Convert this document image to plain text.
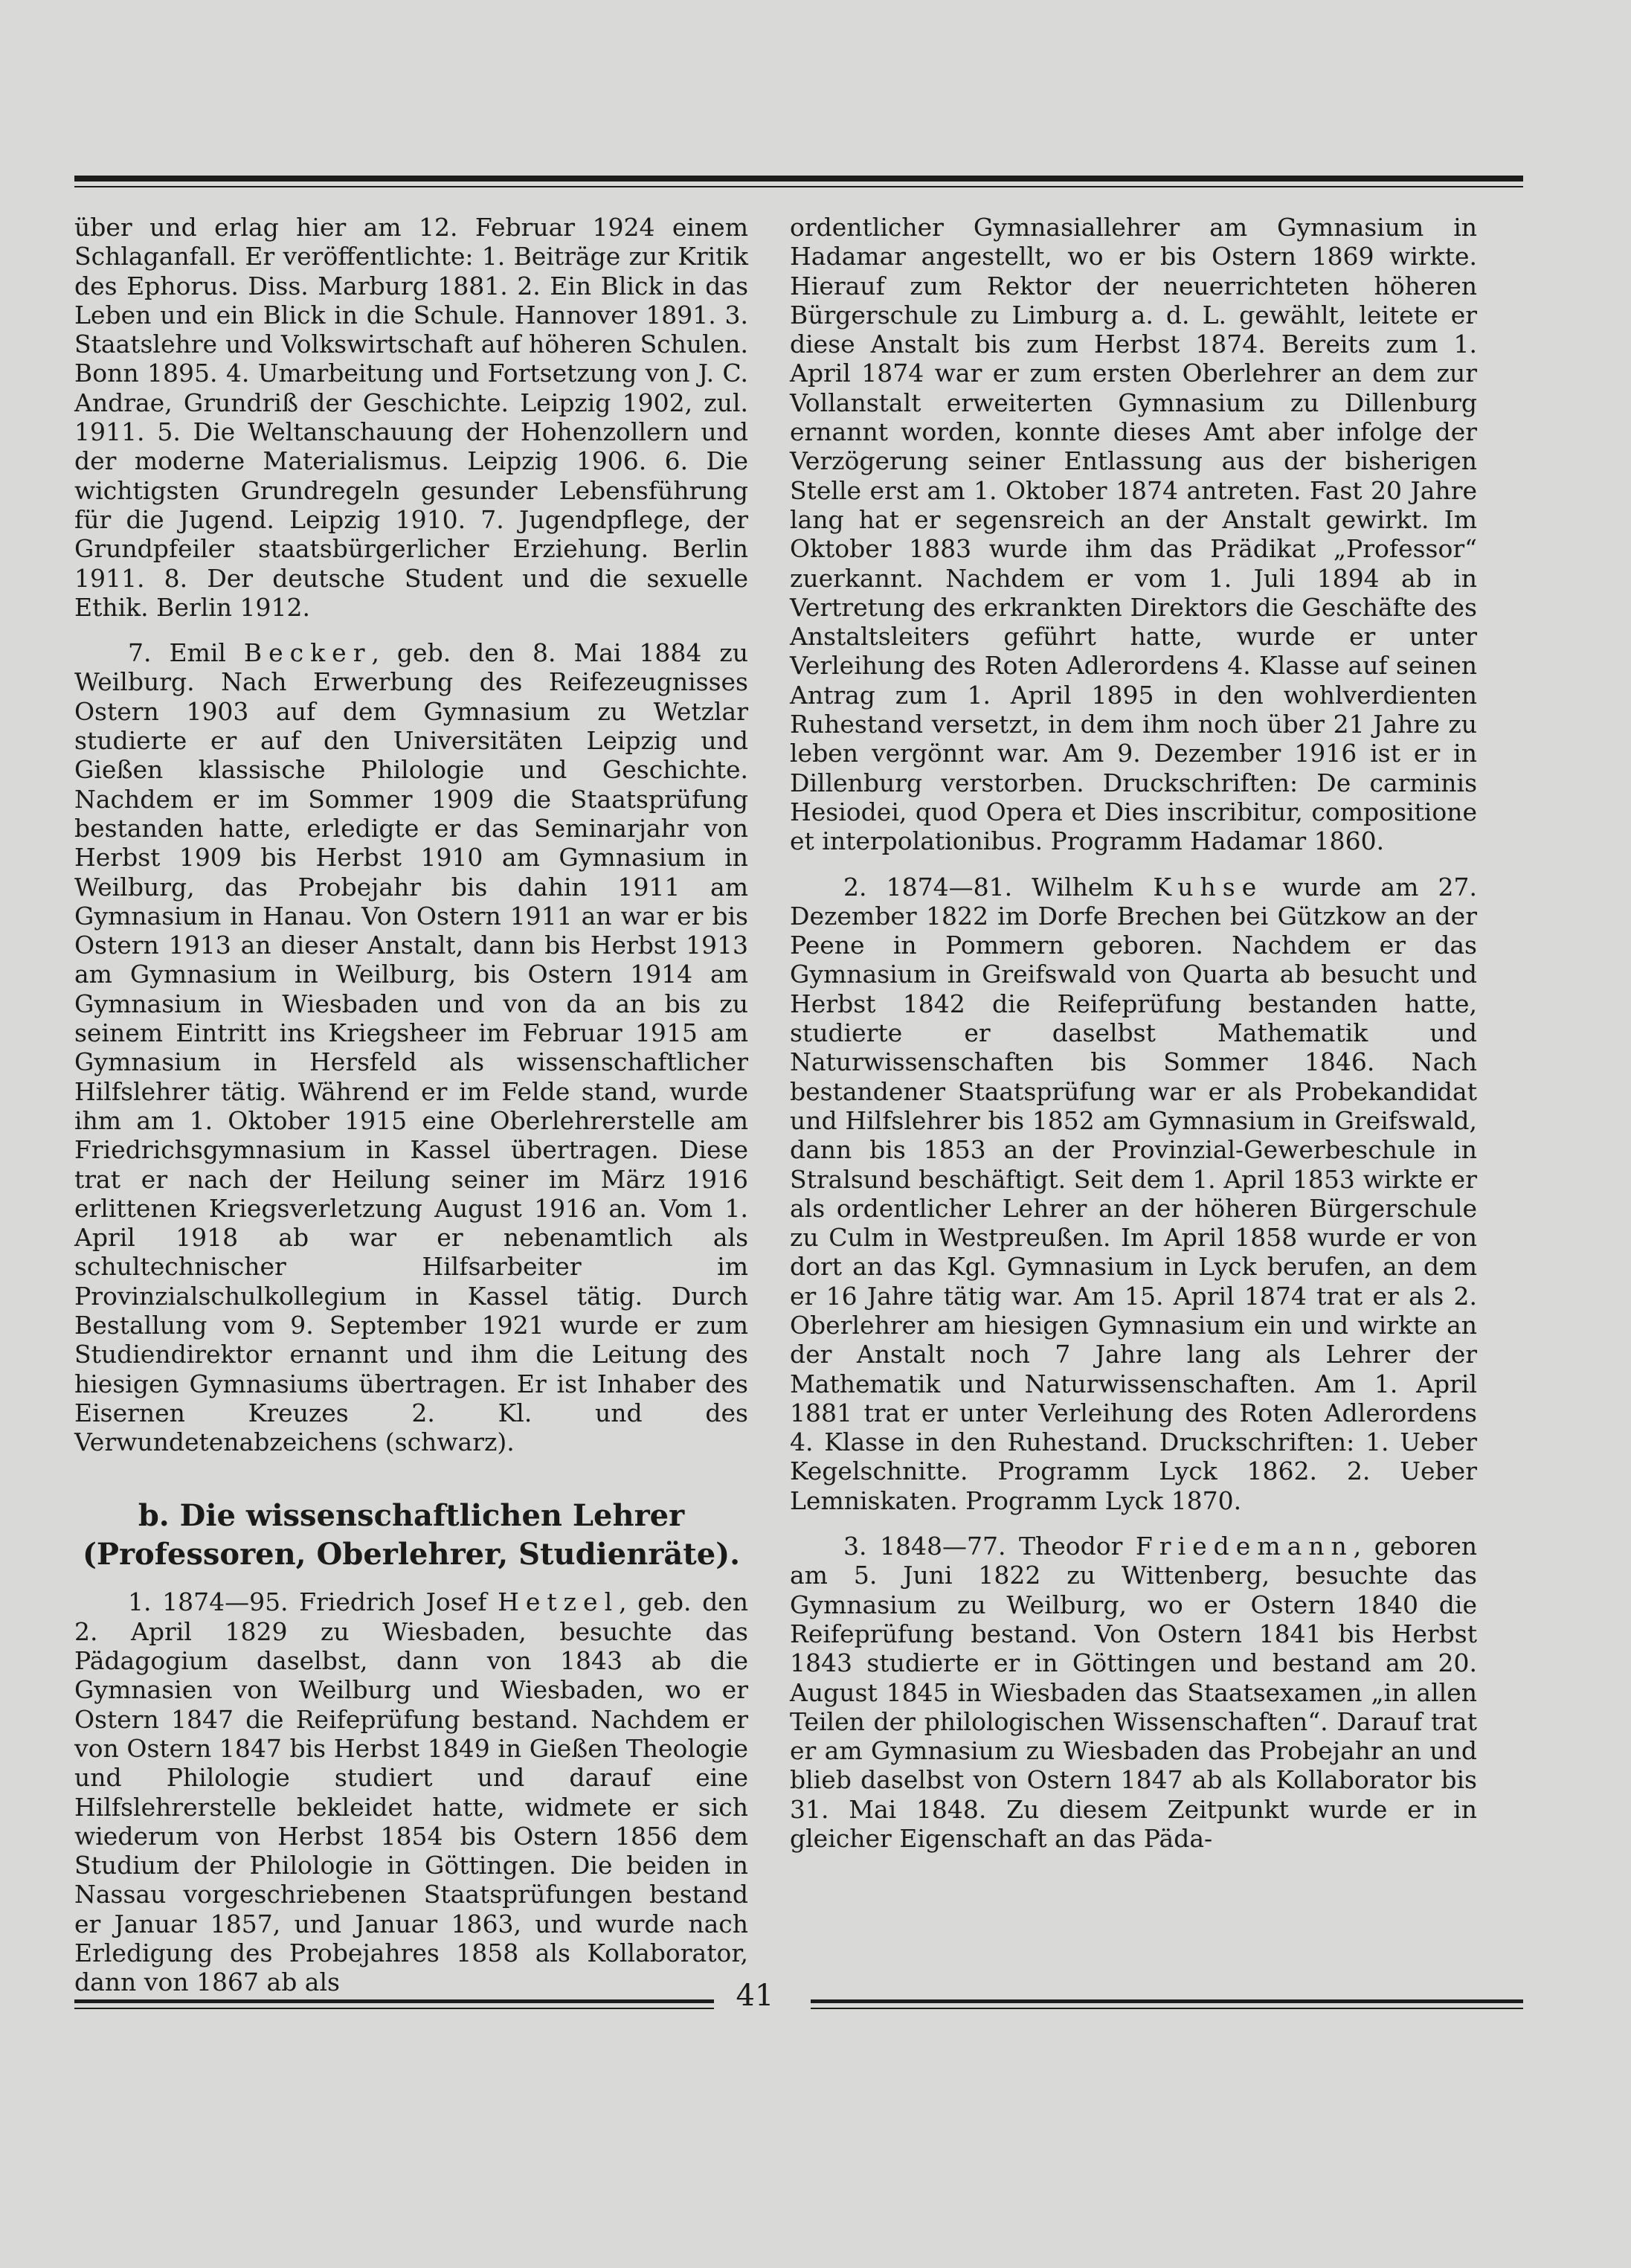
über und erlag hier am 12. Februar 1924 einem Schlaganfall. Er veröffentlichte: 1. Beiträge zur Kritik des Ephorus. Diss. Marburg 1881. 2. Ein Blick in das Leben und ein Blick in die Schule. Hannover 1891. 3. Staatslehre und Volkswirtschaft auf höheren Schulen. Bonn 1895. 4. Umarbeitung und Fortsetzung von J. C. Andrae, Grundriß der Geschichte. Leipzig 1902, zul. 1911. 5. Die Weltanschauung der Hohenzollern und der moderne Materialismus. Leipzig 1906. 6. Die wichtigsten Grundregeln gesunder Lebensführung für die Jugend. Leipzig 1910. 7. Jugendpflege, der Grundpfeiler staatsbürgerlicher Erziehung. Berlin 1911. 8. Der deutsche Student und die sexuelle Ethik. Berlin 1912.

7. Emil Becker, geb. den 8. Mai 1884 zu Weilburg. Nach Erwerbung des Reifezeugnisses Ostern 1903 auf dem Gymnasium zu Wetzlar studierte er auf den Universitäten Leipzig und Gießen klassische Philologie und Geschichte. Nachdem er im Sommer 1909 die Staatsprüfung bestanden hatte, erledigte er das Seminarjahr von Herbst 1909 bis Herbst 1910 am Gymnasium in Weilburg, das Probejahr bis dahin 1911 am Gymnasium in Hanau. Von Ostern 1911 an war er bis Ostern 1913 an dieser Anstalt, dann bis Herbst 1913 am Gymnasium in Weilburg, bis Ostern 1914 am Gymnasium in Wiesbaden und von da an bis zu seinem Eintritt ins Kriegsheer im Februar 1915 am Gymnasium in Hersfeld als wissenschaftlicher Hilfslehrer tätig. Während er im Felde stand, wurde ihm am 1. Oktober 1915 eine Oberlehrerstelle am Friedrichsgymnasium in Kassel übertragen. Diese trat er nach der Heilung seiner im März 1916 erlittenen Kriegsverletzung August 1916 an. Vom 1. April 1918 ab war er nebenamtlich als schultechnischer Hilfsarbeiter im Provinzialschulkollegium in Kassel tätig. Durch Bestallung vom 9. September 1921 wurde er zum Studiendirektor ernannt und ihm die Leitung des hiesigen Gymnasiums übertragen. Er ist Inhaber des Eisernen Kreuzes 2. Kl. und des Verwundetenabzeichens (schwarz).

b. Die wissenschaftlichen Lehrer
(Professoren, Oberlehrer, Studienräte).

1. 1874—95. Friedrich Josef Hetzel, geb. den 2. April 1829 zu Wiesbaden, besuchte das Pädagogium daselbst, dann von 1843 ab die Gymnasien von Weilburg und Wiesbaden, wo er Ostern 1847 die Reifeprüfung bestand. Nachdem er von Ostern 1847 bis Herbst 1849 in Gießen Theologie und Philologie studiert und darauf eine Hilfslehrerstelle bekleidet hatte, widmete er sich wiederum von Herbst 1854 bis Ostern 1856 dem Studium der Philologie in Göttingen. Die beiden in Nassau vorgeschriebenen Staatsprüfungen bestand er Januar 1857, und Januar 1863, und wurde nach Erledigung des Probejahres 1858 als Kollaborator, dann von 1867 ab als

ordentlicher Gymnasiallehrer am Gymnasium in Hadamar angestellt, wo er bis Ostern 1869 wirkte. Hierauf zum Rektor der neuerrichteten höheren Bürgerschule zu Limburg a. d. L. gewählt, leitete er diese Anstalt bis zum Herbst 1874. Bereits zum 1. April 1874 war er zum ersten Oberlehrer an dem zur Vollanstalt erweiterten Gymnasium zu Dillenburg ernannt worden, konnte dieses Amt aber infolge der Verzögerung seiner Entlassung aus der bisherigen Stelle erst am 1. Oktober 1874 antreten. Fast 20 Jahre lang hat er segensreich an der Anstalt gewirkt. Im Oktober 1883 wurde ihm das Prädikat „Professor“ zuerkannt. Nachdem er vom 1. Juli 1894 ab in Vertretung des erkrankten Direktors die Geschäfte des Anstaltsleiters geführt hatte, wurde er unter Verleihung des Roten Adlerordens 4. Klasse auf seinen Antrag zum 1. April 1895 in den wohlverdienten Ruhestand versetzt, in dem ihm noch über 21 Jahre zu leben vergönnt war. Am 9. Dezember 1916 ist er in Dillenburg verstorben. Druckschriften: De carminis Hesiodei, quod Opera et Dies inscribitur, compositione et interpolationibus. Programm Hadamar 1860.

2. 1874—81. Wilhelm Kuhse wurde am 27. Dezember 1822 im Dorfe Brechen bei Gützkow an der Peene in Pommern geboren. Nachdem er das Gymnasium in Greifswald von Quarta ab besucht und Herbst 1842 die Reifeprüfung bestanden hatte, studierte er daselbst Mathematik und Naturwissenschaften bis Sommer 1846. Nach bestandener Staatsprüfung war er als Probekandidat und Hilfslehrer bis 1852 am Gymnasium in Greifswald, dann bis 1853 an der Provinzial-Gewerbeschule in Stralsund beschäftigt. Seit dem 1. April 1853 wirkte er als ordentlicher Lehrer an der höheren Bürgerschule zu Culm in Westpreußen. Im April 1858 wurde er von dort an das Kgl. Gymnasium in Lyck berufen, an dem er 16 Jahre tätig war. Am 15. April 1874 trat er als 2. Oberlehrer am hiesigen Gymnasium ein und wirkte an der Anstalt noch 7 Jahre lang als Lehrer der Mathematik und Naturwissenschaften. Am 1. April 1881 trat er unter Verleihung des Roten Adlerordens 4. Klasse in den Ruhestand. Druckschriften: 1. Ueber Kegelschnitte. Programm Lyck 1862. 2. Ueber Lemniskaten. Programm Lyck 1870.

3. 1848—77. Theodor Friedemann, geboren am 5. Juni 1822 zu Wittenberg, besuchte das Gymnasium zu Weilburg, wo er Ostern 1840 die Reifeprüfung bestand. Von Ostern 1841 bis Herbst 1843 studierte er in Göttingen und bestand am 20. August 1845 in Wiesbaden das Staatsexamen „in allen Teilen der philologischen Wissenschaften“. Darauf trat er am Gymnasium zu Wiesbaden das Probejahr an und blieb daselbst von Ostern 1847 ab als Kollaborator bis 31. Mai 1848. Zu diesem Zeitpunkt wurde er in gleicher Eigenschaft an das Päda-

41
